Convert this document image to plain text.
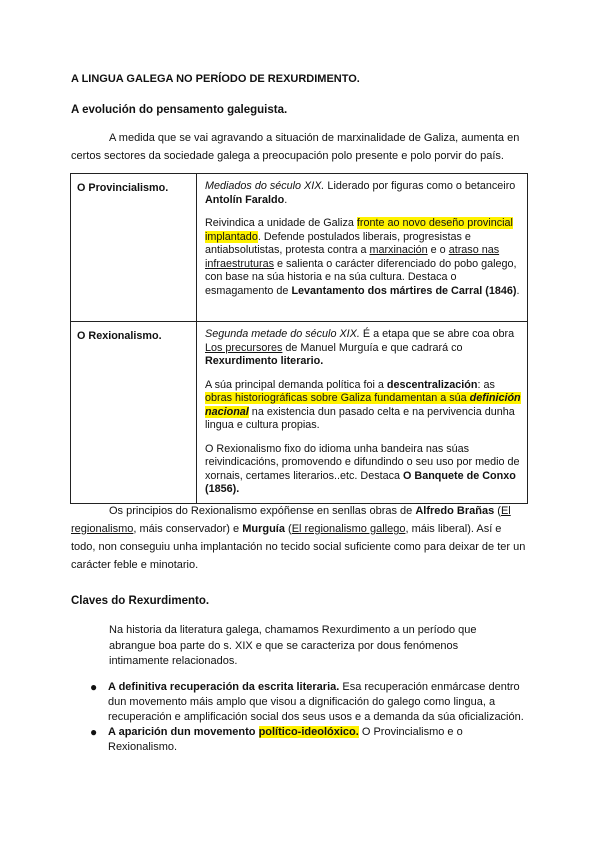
A LINGUA GALEGA NO PERÍODO DE REXURDIMENTO.
A evolución do pensamento galeguista.
A medida que se vai agravando a situación de marxinalidade de Galiza, aumenta en certos sectores da sociedade galega a preocupación polo presente e polo porvir do país.
O Provincialismo.	Mediados do século XIX. Liderado por figuras como o betanceiro Antolín Faraldo.

Reivindica a unidade de Galiza fronte ao novo deseño provincial implantado. Defende postulados liberais, progresistas e antiabsolutistas, protesta contra a marxinación e o atraso nas infraestruturas e salienta o carácter diferenciado do pobo galego, con base na súa historia e na súa cultura. Destaca o esmagamento de Levantamento dos mártires de Carral (1846).

O Rexionalismo.	Segunda metade do século XIX. É a etapa que se abre coa obra Los precursores de Manuel Murguía e que cadrará co Rexurdimento literario.

A súa principal demanda política foi a descentralización: as obras historiográficas sobre Galiza fundamentan a súa definición nacional na existencia dun pasado celta e na pervivencia dunha lingua e cultura propias.

O Rexionalismo fixo do idioma unha bandeira nas súas reivindicacións, promovendo e difundindo o seu uso por medio de xornais, certames literarios..etc. Destaca O Banquete de Conxo (1856).

Os principios do Rexionalismo expóñense en senllas obras de Alfredo Brañas (El regionalismo, máis conservador) e Murguía (El regionalismo gallego, máis liberal). Así e todo, non conseguiu unha implantación no tecido social suficiente como para deixar de ter un carácter feble e minotario.
Claves do Rexurdimento.
Na historia da literatura galega, chamamos Rexurdimento a un período que abrangue boa parte do s. XIX e que se caracteriza por dous fenómenos intimamente relacionados.
● A definitiva recuperación da escrita literaria. Esa recuperación enmárcase dentro dun movemento máis amplo que visou a dignificación do galego como lingua, a recuperación e amplificación social dos seus usos e a demanda da súa oficialización.
● A aparición dun movemento político-ideolóxico. O Provincialismo e o Rexionalismo.
